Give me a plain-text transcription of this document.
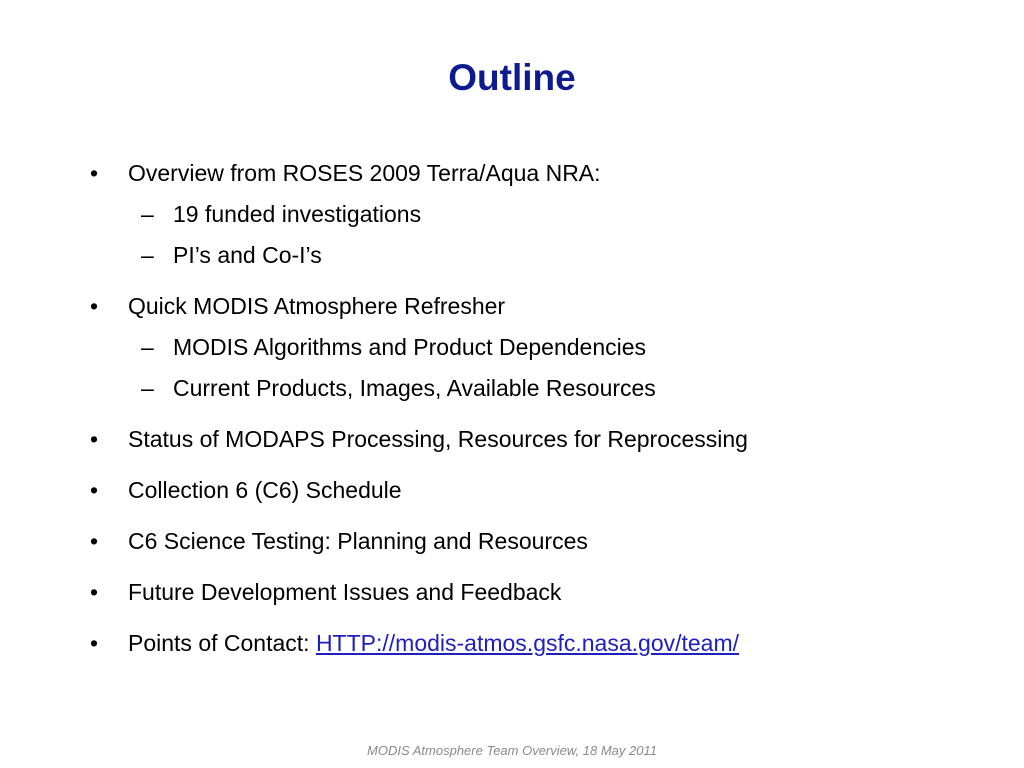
Outline
• Overview from ROSES 2009 Terra/Aqua NRA:
– 19 funded investigations
– PI’s and Co-I’s
• Quick MODIS Atmosphere Refresher
– MODIS Algorithms and Product Dependencies
– Current Products, Images, Available Resources
• Status of MODAPS Processing, Resources for Reprocessing
• Collection 6 (C6) Schedule
• C6 Science Testing: Planning and Resources
• Future Development Issues and Feedback
• Points of Contact: HTTP://modis-atmos.gsfc.nasa.gov/team/
MODIS Atmosphere Team Overview, 18 May 2011
